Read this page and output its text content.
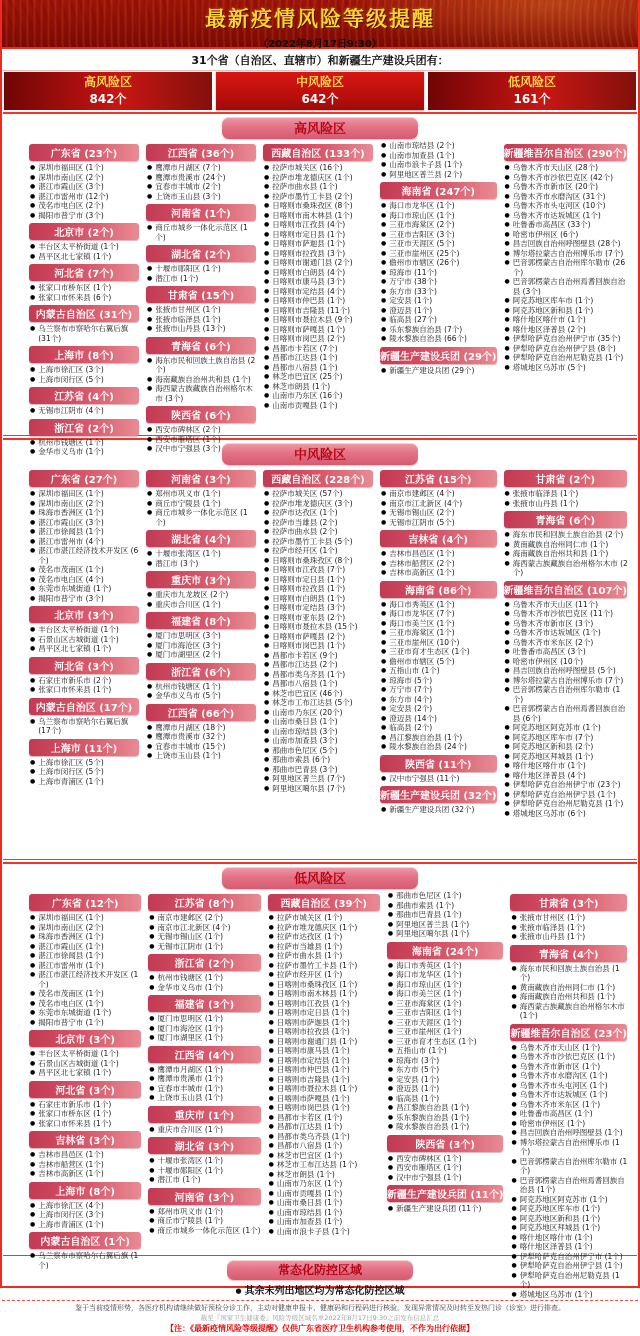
最新疫情风险等级提醒
（2022年8月17日9:30）
31个省（自治区、直辖市）和新疆生产建设兵团有：
高风险区
842个
中风险区
642个
低风险区
161个
高风险区
广东省 (23个)
● 深圳市福田区 (1个)
● 深圳市南山区 (2个)
● 湛江市霞山区 (3个)
● 湛江市雷州市 (12个)
● 茂名市电白区 (2个)
● 揭阳市普宁市 (3个)
北京市 (2个)
● 丰台区太平桥街道 (1个)
● 昌平区北七家镇 (1个)
河北省 (7个)
● 张家口市桥东区 (1个)
● 张家口市怀来县 (6个)
内蒙古自治区 (31个)
● 乌兰察布市察哈尔右翼后旗 (31个)
上海市 (8个)
● 上海市徐汇区 (3个)
● 上海市闵行区 (5个)
江苏省 (4个)
● 无锡市江阴市 (4个)
浙江省 (2个)
● 杭州市钱塘区 (1个)
● 金华市义乌市 (1个)
江西省 (36个)
● 鹰潭市月湖区 (7个)
● 鹰潭市贵溪市 (24个)
● 宜春市丰城市 (2个)
● 上饶市玉山县 (3个)
河南省 (1个)
● 商丘市城乡一体化示范区 (1个)
湖北省 (2个)
● 十堰市郧阳区 (1个)
● 潜江市 (1个)
甘肃省 (15个)
● 张掖市甘州区 (1个)
● 张掖市临泽县 (1个)
● 张掖市山丹县 (13个)
青海省 (6个)
● 海东市民和回族土族自治县 (2个)
● 海南藏族自治州共和县 (1个)
● 海西蒙古族藏族自治州格尔木市 (3个)
陕西省 (6个)
● 西安市碑林区 (2个)
● 西安市雁塔区 (1个)
● 汉中市宁强县 (3个)
西藏自治区 (133个)
● 拉萨市城关区 (16个)
● 拉萨市堆龙德庆区 (1个)
● 拉萨市曲水县 (1个)
● 拉萨市墨竹工卡县 (2个)
● 日喀则市桑珠孜区 (8个)
● 日喀则市南木林县 (1个)
● 日喀则市江孜县 (4个)
● 日喀则市定日县 (1个)
● 日喀则市萨迦县 (1个)
● 日喀则市拉孜县 (3个)
● 日喀则市谢通门县 (2个)
● 日喀则市白朗县 (4个)
● 日喀则市康马县 (3个)
● 日喀则市定结县 (4个)
● 日喀则市仲巴县 (1个)
● 日喀则市吉隆县 (11个)
● 日喀则市聂拉木县 (9个)
● 日喀则市萨嘎县 (1个)
● 日喀则市岗巴县 (2个)
● 昌都市卡若区 (7个)
● 昌都市江达县 (1个)
● 昌都市八宿县 (1个)
● 林芝市巴宜区 (25个)
● 林芝市朗县 (1个)
● 山南市乃东区 (16个)
● 山南市贡嘎县 (1个)
● 山南市琼结县 (2个)
● 山南市加查县 (1个)
● 山南市浪卡子县 (1个)
● 阿里地区普兰县 (2个)
海南省 (247个)
● 海口市龙华区 (1个)
● 海口市琼山区 (1个)
● 三亚市海棠区 (2个)
● 三亚市吉阳区 (3个)
● 三亚市天涯区 (5个)
● 三亚市崖州区 (25个)
● 儋州市市辖区 (26个)
● 琼海市 (11个)
● 万宁市 (38个)
● 东方市 (33个)
● 定安县 (1个)
● 澄迈县 (1个)
● 临高县 (27个)
● 乐东黎族自治县 (7个)
● 陵水黎族自治县 (66个)
新疆生产建设兵团 (29个)
● 新疆生产建设兵团 (29个)
新疆维吾尔自治区 (290个)
● 乌鲁木齐市天山区 (28个)
● 乌鲁木齐市沙依巴克区 (42个)
● 乌鲁木齐市新市区 (20个)
● 乌鲁木齐市水磨沟区 (31个)
● 乌鲁木齐市头屯河区 (10个)
● 乌鲁木齐市达坂城区 (1个)
● 吐鲁番市高昌区 (33个)
● 哈密市伊州区 (6个)
● 昌吉回族自治州呼图壁县 (28个)
● 博尔塔拉蒙古自治州博乐市 (7个)
● 巴音郭楞蒙古自治州库尔勒市 (26个)
● 巴音郭楞蒙古自治州焉耆回族自治县 (3个)
● 阿克苏地区库车市 (1个)
● 阿克苏地区新和县 (1个)
● 喀什地区喀什市 (1个)
● 喀什地区泽普县 (2个)
● 伊犁哈萨克自治州伊宁市 (35个)
● 伊犁哈萨克自治州伊宁县 (8个)
● 伊犁哈萨克自治州尼勒克县 (1个)
● 塔城地区乌苏市 (5个)
中风险区
广东省 (27个)
● 深圳市福田区 (1个)
● 深圳市南山区 (2个)
● 珠海市香洲区 (1个)
● 湛江市霞山区 (3个)
● 湛江市徐闻县 (1个)
● 湛江市雷州市 (4个)
● 湛江市湛江经济技术开发区 (6个)
● 茂名市茂南区 (1个)
● 茂名市电白区 (4个)
● 东莞市东城街道 (1个)
● 揭阳市普宁市 (3个)
北京市 (3个)
● 丰台区太平桥街道 (1个)
● 石景山区古城街道 (1个)
● 昌平区北七家镇 (1个)
河北省 (3个)
● 石家庄市新乐市 (2个)
● 张家口市怀来县 (1个)
内蒙古自治区 (17个)
● 乌兰察布市察哈尔右翼后旗 (17个)
上海市 (11个)
● 上海市徐汇区 (5个)
● 上海市闵行区 (5个)
● 上海市青浦区 (1个)
河南省 (3个)
● 郑州市巩义市 (1个)
● 商丘市宁陵县 (1个)
● 商丘市城乡一体化示范区 (1个)
湖北省 (4个)
● 十堰市张湾区 (1个)
● 潜江市 (3个)
重庆市 (3个)
● 重庆市九龙坡区 (2个)
● 重庆市合川区 (1个)
福建省 (8个)
● 厦门市思明区 (3个)
● 厦门市海沧区 (3个)
● 厦门市湖里区 (2个)
浙江省 (6个)
● 杭州市钱塘区 (1个)
● 金华市义乌市 (5个)
江西省 (66个)
● 鹰潭市月湖区 (18个)
● 鹰潭市贵溪市 (32个)
● 宜春市丰城市 (15个)
● 上饶市玉山县 (1个)
西藏自治区 (228个)
● 拉萨市城关区 (57个)
● 拉萨市堆龙德庆区 (3个)
● 拉萨市达孜区 (1个)
● 拉萨市当雄县 (2个)
● 拉萨市曲水县 (2个)
● 拉萨市墨竹工卡县 (5个)
● 拉萨市经开区 (1个)
● 日喀则市桑珠孜区 (8个)
● 日喀则市江孜县 (7个)
● 日喀则市定日县 (1个)
● 日喀则市拉孜县 (1个)
● 日喀则市白朗县 (1个)
● 日喀则市定结县 (3个)
● 日喀则市亚东县 (2个)
● 日喀则市聂拉木县 (15个)
● 日喀则市萨嘎县 (2个)
● 日喀则市岗巴县 (1个)
● 昌都市卡若区 (9个)
● 昌都市江达县 (2个)
● 昌都市类乌齐县 (1个)
● 昌都市八宿县 (1个)
● 林芝市巴宜区 (46个)
● 林芝市工布江达县 (5个)
● 山南市乃东区 (20个)
● 山南市桑日县 (1个)
● 山南市琼结县 (3个)
● 山南市加查县 (3个)
● 那曲市色尼区 (5个)
● 那曲市索县 (6个)
● 那曲市巴青县 (3个)
● 阿里地区普兰县 (7个)
● 阿里地区噶尔县 (7个)
江苏省 (15个)
● 南京市建邺区 (4个)
● 南京市江北新区 (4个)
● 无锡市锡山区 (2个)
● 无锡市江阴市 (5个)
吉林省 (4个)
● 吉林市昌邑区 (1个)
● 吉林市船营区 (2个)
● 吉林市高新区 (1个)
海南省 (86个)
● 海口市秀英区 (1个)
● 海口市龙华区 (7个)
● 海口市美兰区 (1个)
● 三亚市海棠区 (1个)
● 三亚市崖州区 (10个)
● 三亚市育才生态区 (1个)
● 儋州市市辖区 (5个)
● 五指山市 (1个)
● 琼海市 (5个)
● 万宁市 (7个)
● 东方市 (4个)
● 定安县 (2个)
● 澄迈县 (14个)
● 临高县 (2个)
● 昌江黎族自治县 (1个)
● 陵水黎族自治县 (24个)
陕西省 (11个)
● 汉中市宁强县 (11个)
新疆生产建设兵团 (32个)
● 新疆生产建设兵团 (32个)
甘肃省 (2个)
● 张掖市临泽县 (1个)
● 张掖市山丹县 (1个)
青海省 (6个)
● 海东市民和回族土族自治县 (2个)
● 黄南藏族自治州同仁市 (1个)
● 海南藏族自治州共和县 (1个)
● 海西蒙古族藏族自治州格尔木市 (2个)
新疆维吾尔自治区 (107个)
● 乌鲁木齐市天山区 (11个)
● 乌鲁木齐市沙依巴克区 (11个)
● 乌鲁木齐市新市区 (3个)
● 乌鲁木齐市达坂城区 (1个)
● 乌鲁木齐市米东区 (2个)
● 吐鲁番市高昌区 (3个)
● 哈密市伊州区 (10个)
● 昌吉回族自治州呼图壁县 (5个)
● 博尔塔拉蒙古自治州博乐市 (7个)
● 巴音郭楞蒙古自治州库尔勒市 (1个)
● 巴音郭楞蒙古自治州焉耆回族自治县 (6个)
● 阿克苏地区阿克苏市 (1个)
● 阿克苏地区库车市 (7个)
● 阿克苏地区新和县 (2个)
● 阿克苏地区拜城县 (1个)
● 喀什地区喀什市 (1个)
● 喀什地区泽普县 (4个)
● 伊犁哈萨克自治州伊宁市 (23个)
● 伊犁哈萨克自治州伊宁县 (1个)
● 伊犁哈萨克自治州尼勒克县 (1个)
● 塔城地区乌苏市 (6个)
低风险区
广东省 (12个)
● 深圳市福田区 (1个)
● 深圳市南山区 (2个)
● 珠海市香洲区 (1个)
● 湛江市霞山区 (1个)
● 湛江市徐闻县 (1个)
● 湛江市雷州市 (1个)
● 湛江市湛江经济技术开发区 (1个)
● 茂名市茂南区 (1个)
● 茂名市电白区 (1个)
● 东莞市东城街道 (1个)
● 揭阳市普宁市 (1个)
北京市 (3个)
● 丰台区太平桥街道 (1个)
● 石景山区古城街道 (1个)
● 昌平区北七家镇 (1个)
河北省 (3个)
● 石家庄市新乐市 (1个)
● 张家口市桥东区 (1个)
● 张家口市怀来县 (1个)
吉林省 (3个)
● 吉林市昌邑区 (1个)
● 吉林市船营区 (1个)
● 吉林市高新区 (1个)
上海市 (8个)
● 上海市徐汇区 (4个)
● 上海市闵行区 (3个)
● 上海市青浦区 (1个)
内蒙古自治区 (1个)
● 乌兰察布市察哈尔右翼后旗 (1个)
江苏省 (8个)
● 南京市建邺区 (2个)
● 南京市江北新区 (4个)
● 无锡市锡山区 (1个)
● 无锡市江阴市 (1个)
浙江省 (2个)
● 杭州市钱塘区 (1个)
● 金华市义乌市 (1个)
福建省 (3个)
● 厦门市思明区 (1个)
● 厦门市海沧区 (1个)
● 厦门市湖里区 (1个)
江西省 (4个)
● 鹰潭市月湖区 (1个)
● 鹰潭市贵溪市 (1个)
● 宜春市丰城市 (1个)
● 上饶市玉山县 (1个)
重庆市 (1个)
● 重庆市合川区 (1个)
湖北省 (3个)
● 十堰市张湾区 (1个)
● 十堰市郧阳区 (1个)
● 潜江市 (1个)
河南省 (3个)
● 郑州市巩义市 (1个)
● 商丘市宁陵县 (1个)
● 商丘市城乡一体化示范区 (1个)
西藏自治区 (39个)
● 拉萨市城关区 (1个)
● 拉萨市堆龙德庆区 (1个)
● 拉萨市达孜区 (1个)
● 拉萨市当雄县 (1个)
● 拉萨市曲水县 (1个)
● 拉萨市墨竹工卡县 (1个)
● 拉萨市经开区 (1个)
● 日喀则市桑珠孜区 (1个)
● 日喀则市南木林县 (1个)
● 日喀则市江孜县 (1个)
● 日喀则市定日县 (1个)
● 日喀则市萨迦县 (1个)
● 日喀则市拉孜县 (1个)
● 日喀则市谢通门县 (1个)
● 日喀则市康马县 (1个)
● 日喀则市定结县 (1个)
● 日喀则市仲巴县 (1个)
● 日喀则市吉隆县 (1个)
● 日喀则市聂拉木县 (1个)
● 日喀则市萨嘎县 (1个)
● 日喀则市岗巴县 (1个)
● 昌都市卡若区 (1个)
● 昌都市江达县 (1个)
● 昌都市类乌齐县 (1个)
● 昌都市八宿县 (1个)
● 林芝市巴宜区 (1个)
● 林芝市工布江达县 (1个)
● 林芝市朗县 (1个)
● 山南市乃东区 (1个)
● 山南市贡嘎县 (1个)
● 山南市桑日县 (1个)
● 山南市琼结县 (1个)
● 山南市加查县 (1个)
● 山南市浪卡子县 (1个)
● 那曲市色尼区 (1个)
● 那曲市索县 (1个)
● 那曲市巴青县 (1个)
● 阿里地区普兰县 (1个)
● 阿里地区噶尔县 (1个)
海南省 (24个)
● 海口市秀英区 (1个)
● 海口市龙华区 (1个)
● 海口市琼山区 (1个)
● 海口市美兰区 (1个)
● 三亚市海棠区 (1个)
● 三亚市吉阳区 (1个)
● 三亚市天涯区 (1个)
● 三亚市崖州区 (1个)
● 三亚市育才生态区 (1个)
● 五指山市 (1个)
● 琼海市 (3个)
● 东方市 (5个)
● 定安县 (1个)
● 澄迈县 (1个)
● 临高县 (1个)
● 昌江黎族自治县 (1个)
● 乐东黎族自治县 (1个)
● 陵水黎族自治县 (1个)
陕西省 (3个)
● 西安市碑林区 (1个)
● 西安市雁塔区 (1个)
● 汉中市宁强县 (1个)
新疆生产建设兵团 (11个)
● 新疆生产建设兵团 (11个)
甘肃省 (3个)
● 张掖市甘州区 (1个)
● 张掖市临泽县 (1个)
● 张掖市山丹县 (1个)
青海省 (4个)
● 海东市民和回族土族自治县 (1个)
● 黄南藏族自治州同仁市 (1个)
● 海南藏族自治州共和县 (1个)
● 海西蒙古族藏族自治州格尔木市 (1个)
新疆维吾尔自治区 (23个)
● 乌鲁木齐市天山区 (1个)
● 乌鲁木齐市沙依巴克区 (1个)
● 乌鲁木齐市新市区 (1个)
● 乌鲁木齐市水磨沟区 (1个)
● 乌鲁木齐市头屯河区 (1个)
● 乌鲁木齐市达坂城区 (1个)
● 乌鲁木齐市米东区 (1个)
● 吐鲁番市高昌区 (1个)
● 哈密市伊州区 (1个)
● 昌吉回族自治州呼图壁县 (1个)
● 博尔塔拉蒙古自治州博乐市 (1个)
● 巴音郭楞蒙古自治州库尔勒市 (1个)
● 巴音郭楞蒙古自治州焉耆回族自治县 (1个)
● 阿克苏地区阿克苏市 (1个)
● 阿克苏地区库车市 (1个)
● 阿克苏地区新和县 (1个)
● 阿克苏地区拜城县 (1个)
● 喀什地区喀什市 (1个)
● 喀什地区泽普县 (1个)
● 伊犁哈萨克自治州伊宁市 (1个)
● 伊犁哈萨克自治州伊宁县 (1个)
● 伊犁哈萨克自治州尼勒克县 (1个)
● 塔城地区乌苏市 (1个)
常态化防控区域
● 其余未列出地区均为常态化防控区域
鉴于当前疫情形势，各医疗机构请继续做好预检分诊工作，主动对健康申报卡、健康码和行程码进行核验，发现异常情况及时转至发热门诊（诊室）进行排查。
截至『国家卫生健康委』风险等级区域名单2022年8月17日9:30之前发布信息汇总
【注：《最新疫情风险等级提醒》仅供广东省医疗卫生机构参考使用，不作为出行依据】
